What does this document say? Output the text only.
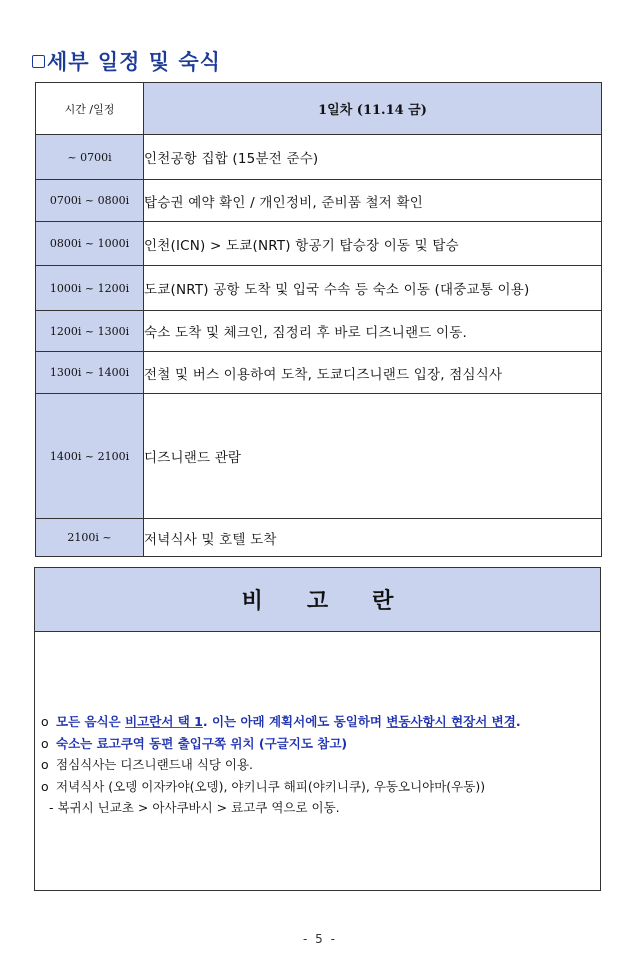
세부 일정 및 숙식
시간 /일정	1일차 (11.14 금)
~ 0700i	인천공항 집합 (15분전 준수)
0700i ~ 0800i	탑승권 예약 확인 / 개인정비, 준비품 철저 확인
0800i ~ 1000i	인천(ICN) > 도쿄(NRT) 항공기 탑승장 이동 및 탑승
1000i ~ 1200i	도쿄(NRT) 공항 도착 및 입국 수속 등 숙소 이동 (대중교통 이용)
1200i ~ 1300i	숙소 도착 및 체크인, 짐정리 후 바로 디즈니랜드 이동.
1300i ~ 1400i	전철 및 버스 이용하여 도착, 도쿄디즈니랜드 입장, 점심식사
1400i ~ 2100i	디즈니랜드 관람
2100i ~	저녁식사 및 호텔 도착
비고란
o 모든 음식은 비고란서 택 1. 이는 아래 계획서에도 동일하며 변동사항시 현장서 변경.
o 숙소는 료고쿠역 동편 출입구쪽 위치 (구글지도 참고)
o 점심식사는 디즈니랜드내 식당 이용.
o 저녁식사 (오뎅 이자카야(오뎅), 야키니쿠 해피(야키니쿠), 우동오니야마(우동))
- 복귀시 닌교초 > 아사쿠바시 > 료고쿠 역으로 이동.
- 5 -
